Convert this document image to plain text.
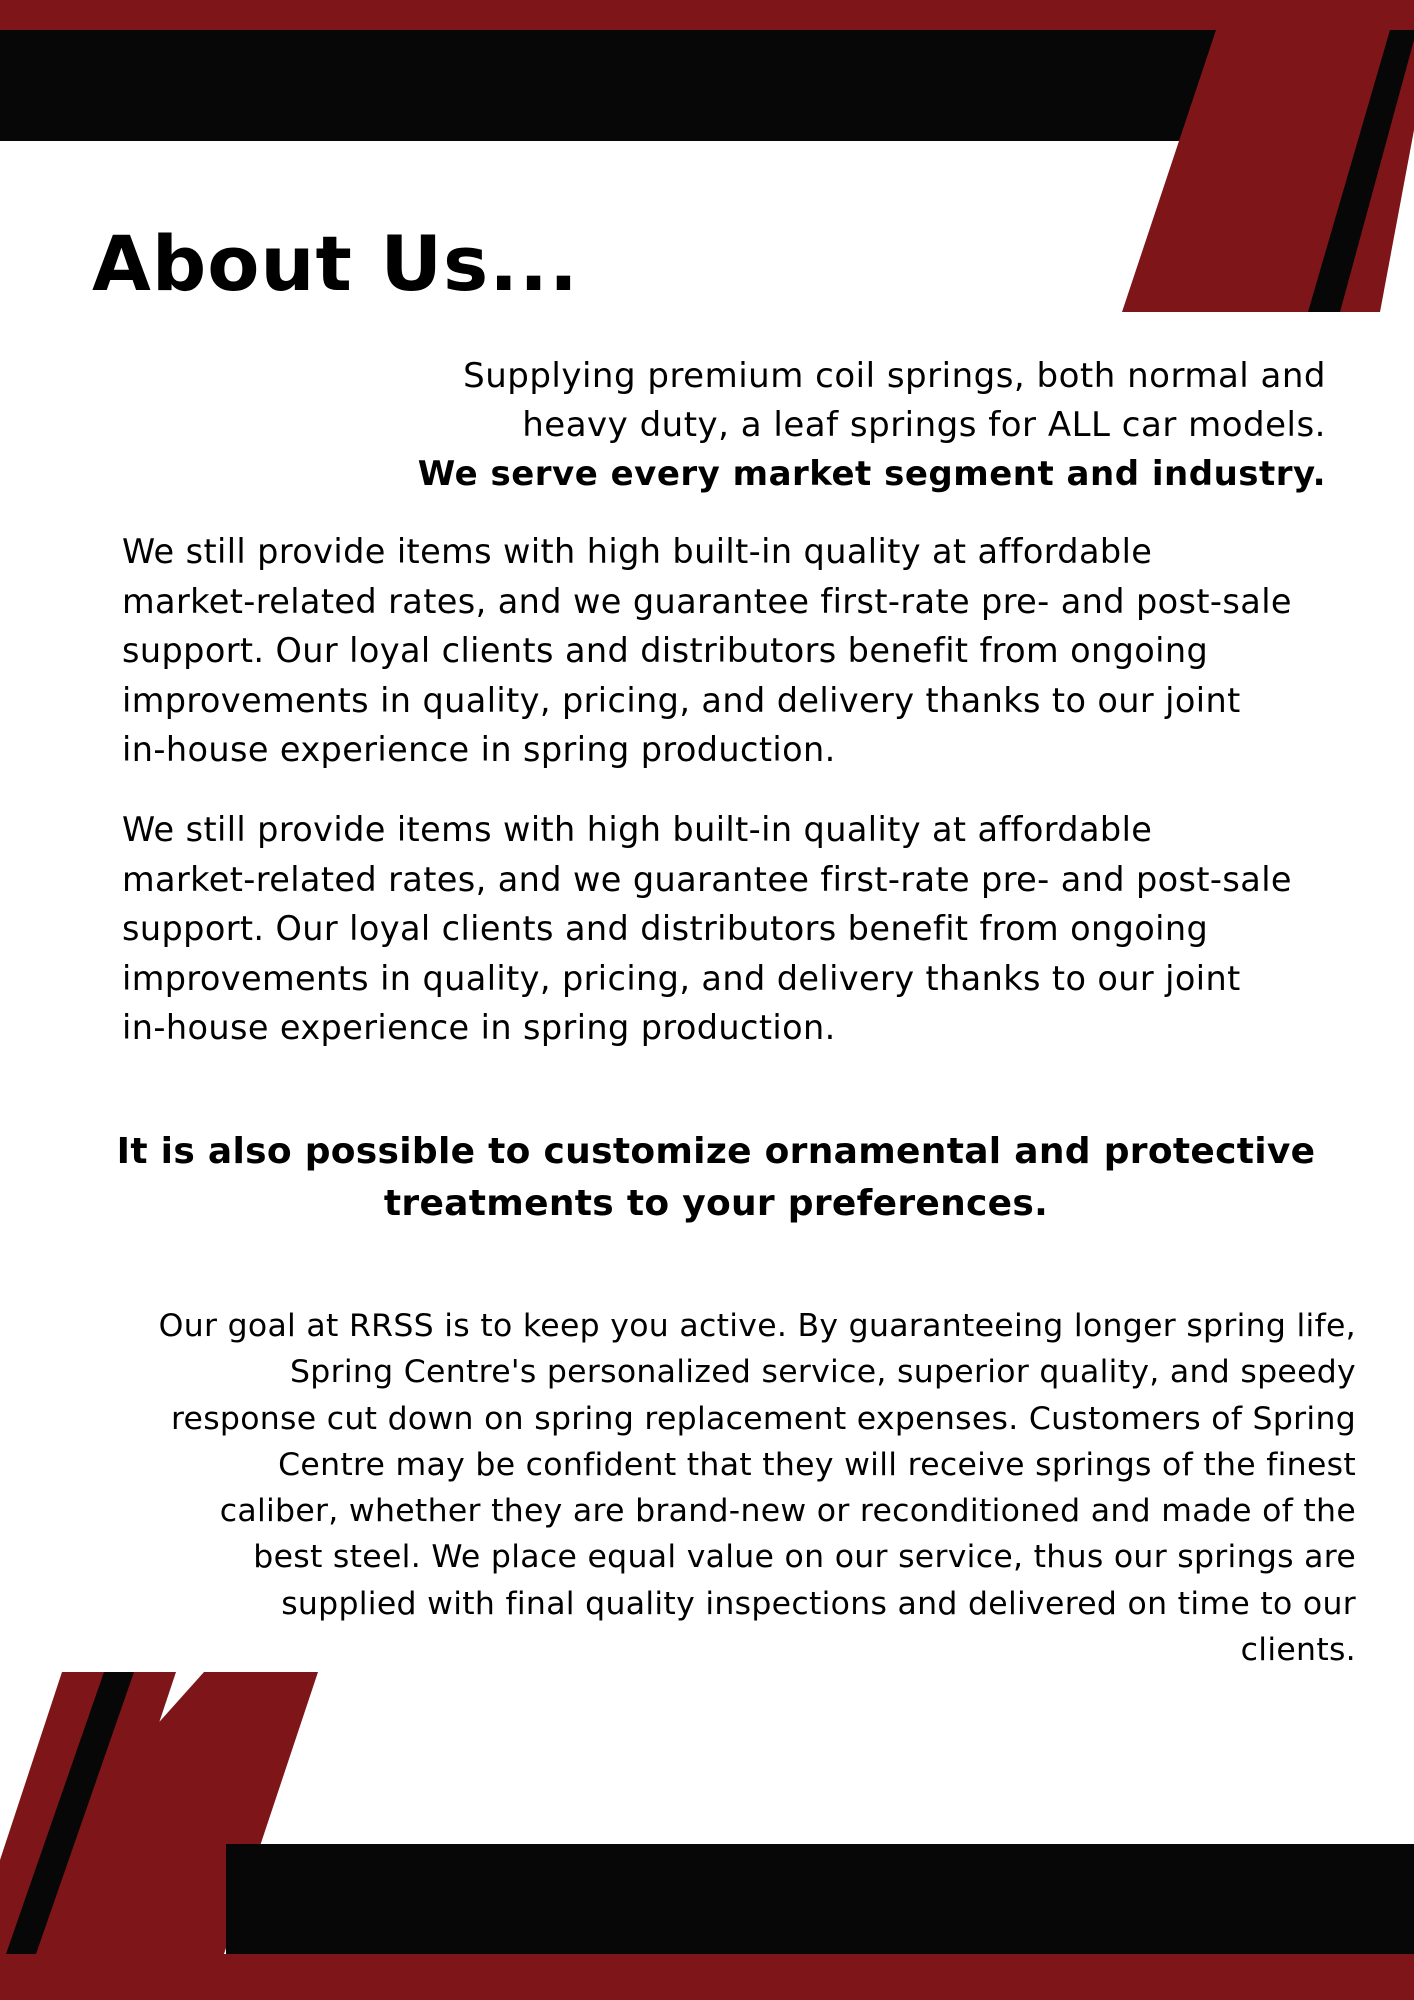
About Us...

Supplying premium coil springs, both normal and

heavy duty, a leaf springs for ALL car models.

We serve every market segment and industry.

We still provide items with high built-in quality at affordable market-related rates, and we guarantee first-rate pre- and post-sale support. Our loyal clients and distributors benefit from ongoing improvements in quality, pricing, and delivery thanks to our joint in-house experience in spring production.

We still provide items with high built-in quality at affordable market-related rates, and we guarantee first-rate pre- and post-sale support. Our loyal clients and distributors benefit from ongoing improvements in quality, pricing, and delivery thanks to our joint in-house experience in spring production.

It is also possible to customize ornamental and protective treatments to your preferences.

Our goal at RRSS is to keep you active. By guaranteeing longer spring life, Spring Centre's personalized service, superior quality, and speedy response cut down on spring replacement expenses. Customers of Spring Centre may be confident that they will receive springs of the finest caliber, whether they are brand-new or reconditioned and made of the best steel. We place equal value on our service, thus our springs are supplied with final quality inspections and delivered on time to our clients.
